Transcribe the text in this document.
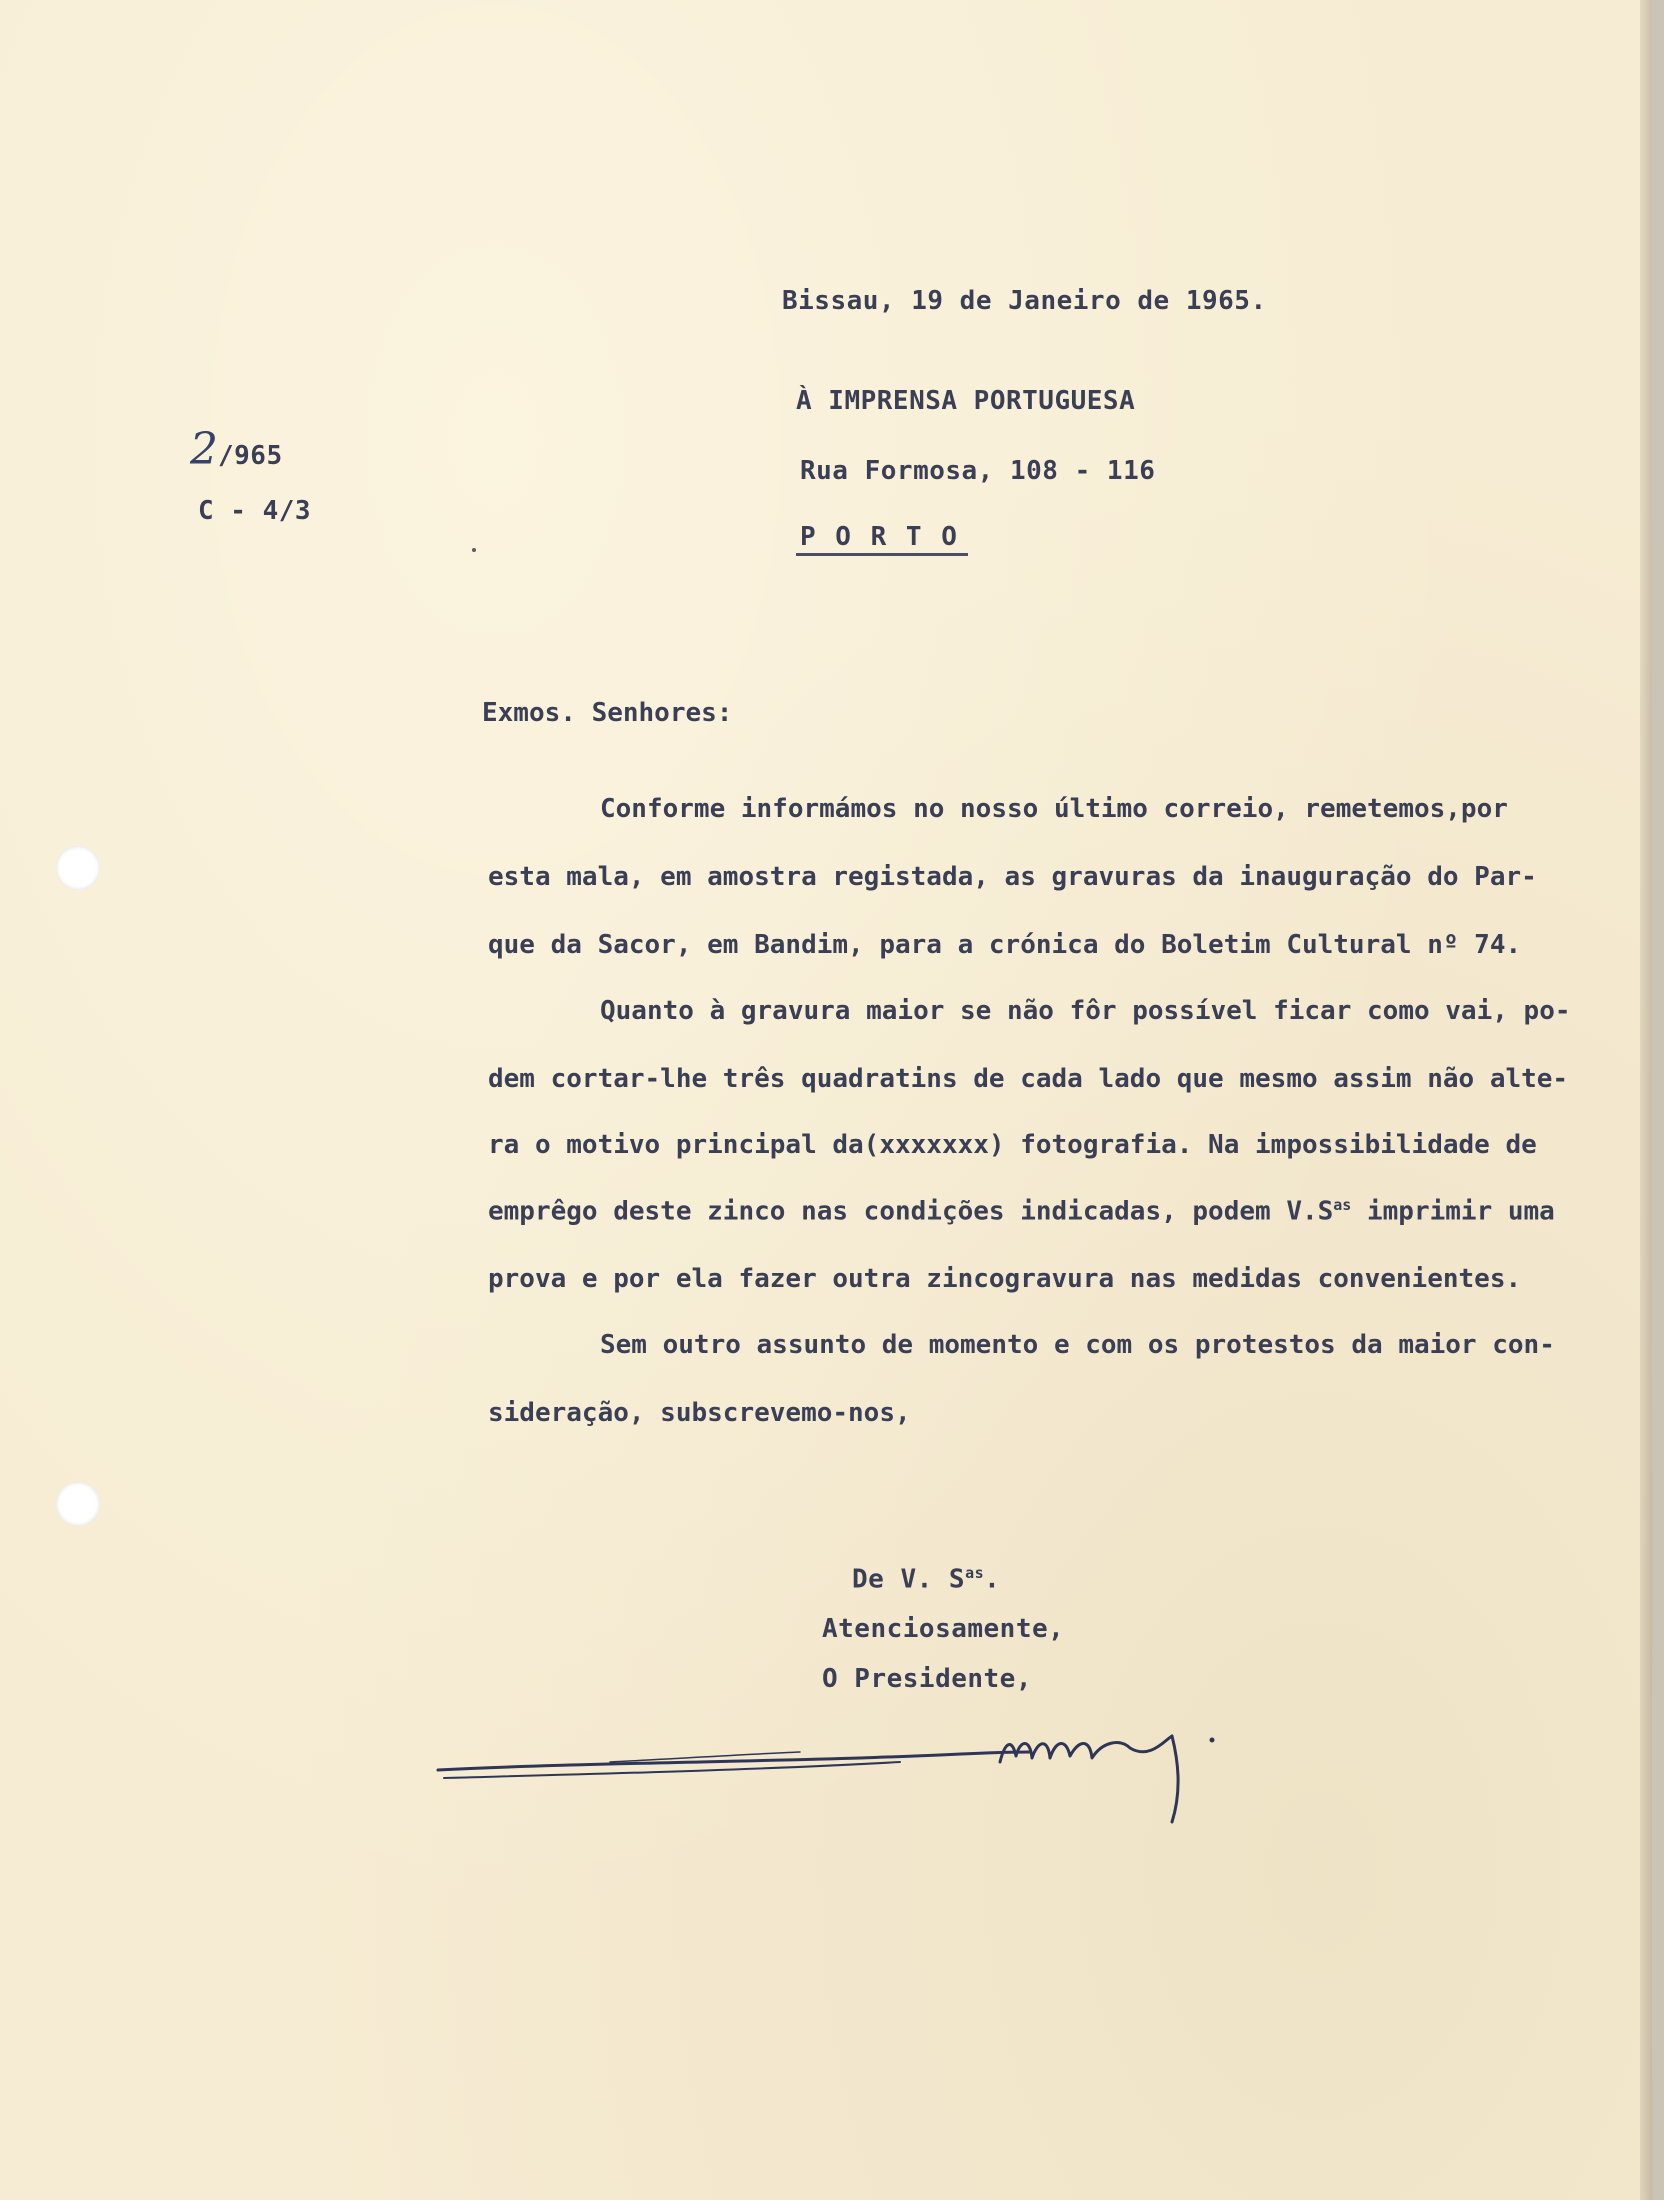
Bissau, 19 de Janeiro de 1965.
À IMPRENSA PORTUGUESA
Rua Formosa, 108 - 116
P O R T O
2/965
C - 4/3
Exmos. Senhores:
Conforme informámos no nosso último correio, remetemos,por
esta mala, em amostra registada, as gravuras da inauguração do Par-
que da Sacor, em Bandim, para a crónica do Boletim Cultural nº 74.
Quanto à gravura maior se não fôr possível ficar como vai, po-
dem cortar-lhe três quadratins de cada lado que mesmo assim não alte-
ra o motivo principal da(xxxxxxx) fotografia. Na impossibilidade de
emprêgo deste zinco nas condições indicadas, podem $V.S^{as}$ imprimir uma
prova e por ela fazer outra zincogravura nas medidas convenientes.
Sem outro assunto de momento e com os protestos da maior con-
sideração, subscrevemo-nos,
De V. $S^{as}$.
Atenciosamente,
O Presidente,
